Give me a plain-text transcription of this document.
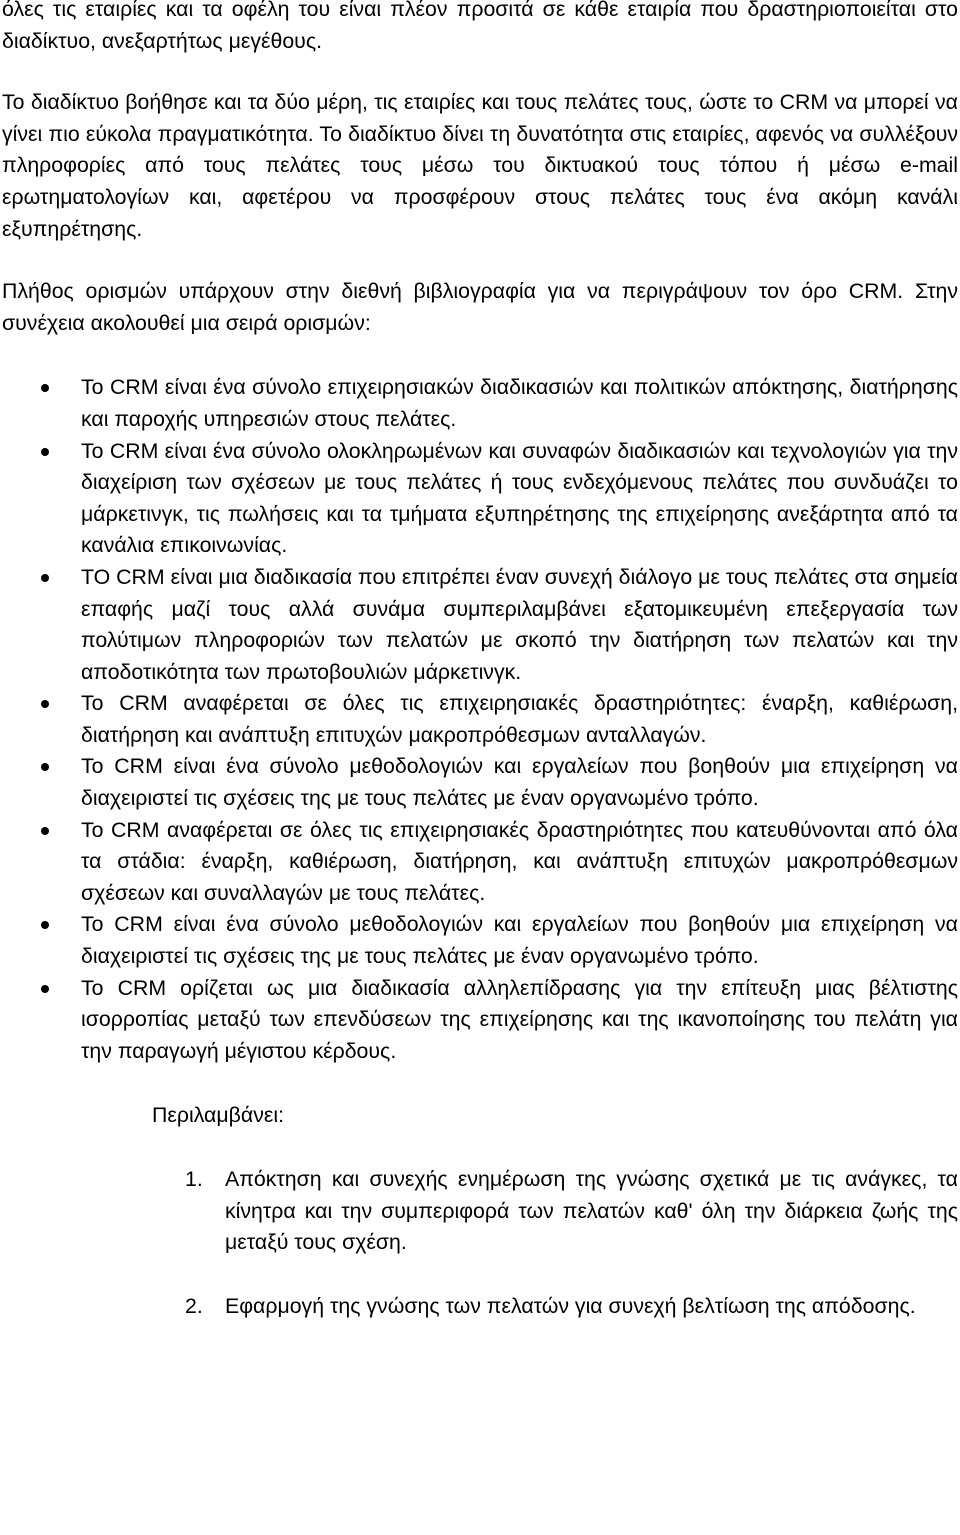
όλες τις εταιρίες και τα οφέλη του είναι πλέον προσιτά σε κάθε εταιρία που δραστηριοποιείται στο διαδίκτυο, ανεξαρτήτως μεγέθους.

Το διαδίκτυο βοήθησε και τα δύο μέρη, τις εταιρίες και τους πελάτες τους, ώστε το CRM να μπορεί να γίνει πιο εύκολα πραγματικότητα. Το διαδίκτυο δίνει τη δυνατότητα στις εταιρίες, αφενός να συλλέξουν πληροφορίες από τους πελάτες τους μέσω του δικτυακού τους τόπου ή μέσω e-mail ερωτηματολογίων και, αφετέρου να προσφέρουν στους πελάτες τους ένα ακόμη κανάλι εξυπηρέτησης.

Πλήθος ορισμών υπάρχουν στην διεθνή βιβλιογραφία για να περιγράψουν τον όρο CRM. Στην συνέχεια ακολουθεί μια σειρά ορισμών:

Το CRM είναι ένα σύνολο επιχειρησιακών διαδικασιών και πολιτικών απόκτησης, διατήρησης και παροχής υπηρεσιών στους πελάτες.
Το CRM είναι ένα σύνολο ολοκληρωμένων και συναφών διαδικασιών και τεχνολογιών για την διαχείριση των σχέσεων με τους πελάτες ή τους ενδεχόμενους πελάτες που συνδυάζει το μάρκετινγκ, τις πωλήσεις και τα τμήματα εξυπηρέτησης της επιχείρησης ανεξάρτητα από τα κανάλια επικοινωνίας.
ΤΟ CRM είναι μια διαδικασία που επιτρέπει έναν συνεχή διάλογο με τους πελάτες στα σημεία επαφής μαζί τους αλλά συνάμα συμπεριλαμβάνει εξατομικευμένη επεξεργασία των πολύτιμων πληροφοριών των πελατών με σκοπό την διατήρηση των πελατών και την αποδοτικότητα των πρωτοβουλιών μάρκετινγκ.
Το CRM αναφέρεται σε όλες τις επιχειρησιακές δραστηριότητες: έναρξη, καθιέρωση, διατήρηση και ανάπτυξη επιτυχών μακροπρόθεσμων ανταλλαγών.
Το CRM είναι ένα σύνολο μεθοδολογιών και εργαλείων που βοηθούν μια επιχείρηση να διαχειριστεί τις σχέσεις της με τους πελάτες με έναν οργανωμένο τρόπο.
Το CRM αναφέρεται σε όλες τις επιχειρησιακές δραστηριότητες που κατευθύνονται από όλα τα στάδια: έναρξη, καθιέρωση, διατήρηση, και ανάπτυξη επιτυχών μακροπρόθεσμων σχέσεων και συναλλαγών με τους πελάτες.
Το CRM είναι ένα σύνολο μεθοδολογιών και εργαλείων που βοηθούν μια επιχείρηση να διαχειριστεί τις σχέσεις της με τους πελάτες με έναν οργανωμένο τρόπο.
Το CRM ορίζεται ως μια διαδικασία αλληλεπίδρασης για την επίτευξη μιας βέλτιστης ισορροπίας μεταξύ των επενδύσεων της επιχείρησης και της ικανοποίησης του πελάτη για την παραγωγή μέγιστου κέρδους.

Περιλαμβάνει:

1. Απόκτηση και συνεχής ενημέρωση της γνώσης σχετικά με τις ανάγκες, τα κίνητρα και την συμπεριφορά των πελατών καθ' όλη την διάρκεια ζωής της μεταξύ τους σχέση.
2. Εφαρμογή της γνώσης των πελατών για συνεχή βελτίωση της απόδοσης.
